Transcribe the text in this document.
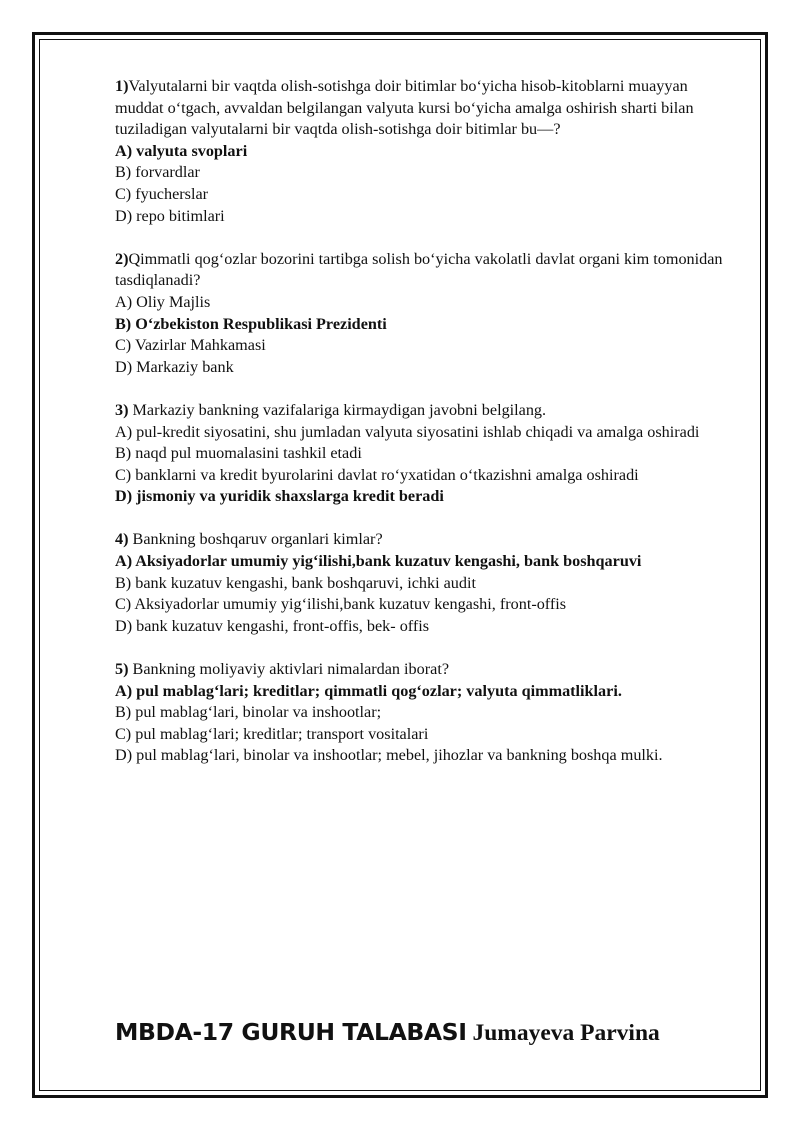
1)Valyutalarni bir vaqtda olish-sotishga doir bitimlar bo‘yicha hisob-kitoblarni muayyan muddat o‘tgach, avvaldan belgilangan valyuta kursi bo‘yicha amalga oshirish sharti bilan tuziladigan valyutalarni bir vaqtda olish-sotishga doir bitimlar bu—?

A) valyuta svoplari

B) forvardlar

C) fyucherslar

D) repo bitimlari

2)Qimmatli qog‘ozlar bozorini tartibga solish bo‘yicha vakolatli davlat organi kim tomonidan tasdiqlanadi?

A) Oliy Majlis

B) O‘zbekiston Respublikasi Prezidenti

C) Vazirlar Mahkamasi

D) Markaziy bank

3) Markaziy bankning vazifalariga kirmaydigan javobni belgilang.

A) pul-kredit siyosatini, shu jumladan valyuta siyosatini ishlab chiqadi va amalga oshiradi

B) naqd pul muomalasini tashkil etadi

C) banklarni va kredit byurolarini davlat ro‘yxatidan o‘tkazishni amalga oshiradi

D) jismoniy va yuridik shaxslarga kredit beradi

4) Bankning boshqaruv organlari kimlar?

A) Aksiyadorlar umumiy yig‘ilishi,bank kuzatuv kengashi, bank boshqaruvi

B) bank kuzatuv kengashi, bank boshqaruvi, ichki audit

C) Aksiyadorlar umumiy yig‘ilishi,bank kuzatuv kengashi, front-offis

D) bank kuzatuv kengashi, front-offis, bek- offis

5) Bankning moliyaviy aktivlari nimalardan iborat?

A) pul mablag‘lari; kreditlar; qimmatli qog‘ozlar; valyuta qimmatliklari.

B) pul mablag‘lari, binolar va inshootlar;

C) pul mablag‘lari; kreditlar; transport vositalari

D) pul mablag‘lari, binolar va inshootlar; mebel, jihozlar va bankning boshqa mulki.

MBDA-17 GURUH TALABASI Jumayeva Parvina
